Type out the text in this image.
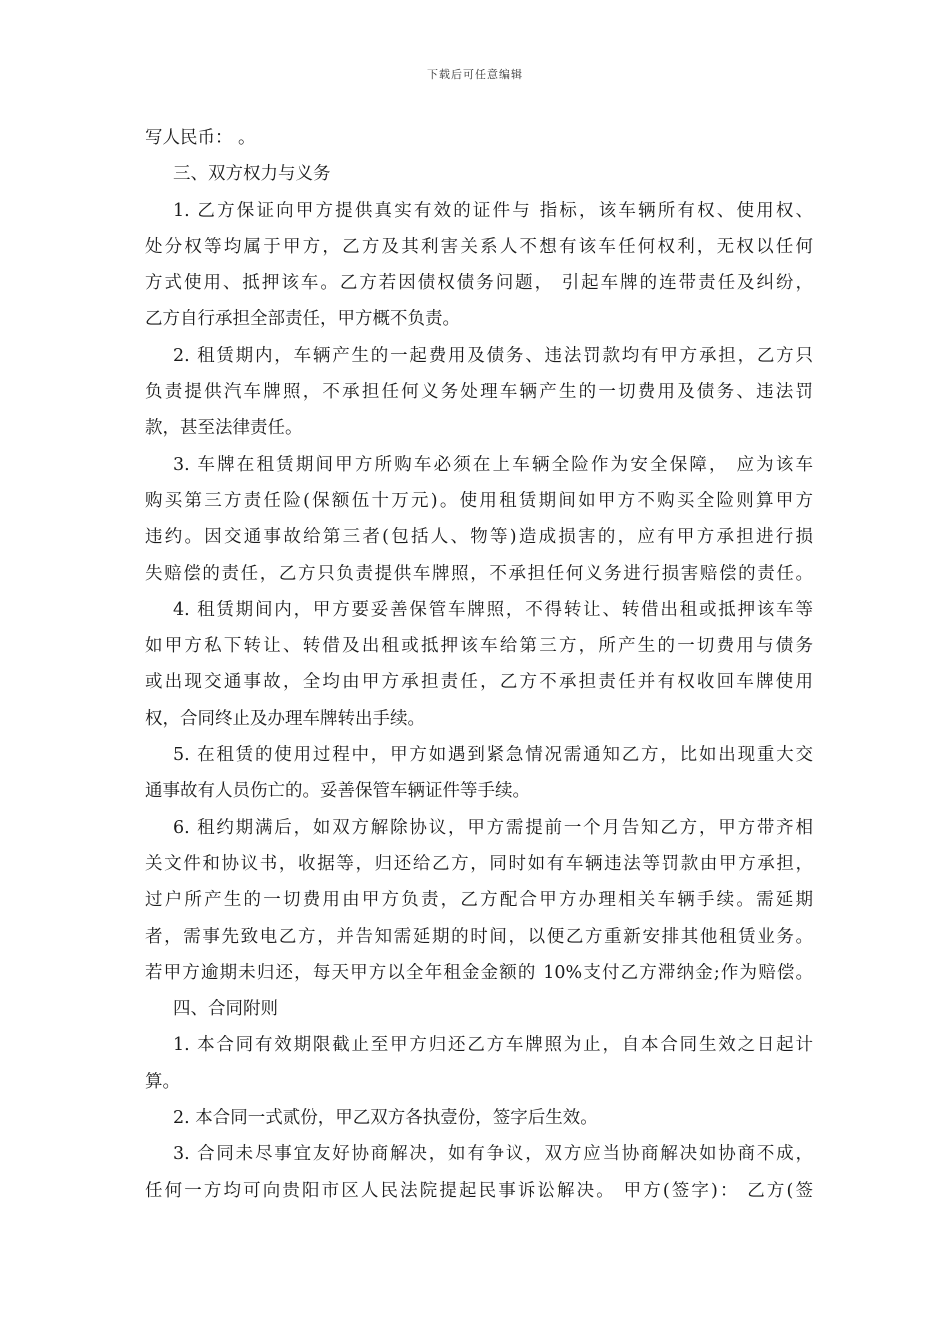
下载后可任意编辑
写人民币： 。
三、双方权力与义务
1. 乙方保证向甲方提供真实有效的证件与 指标，该车辆所有权、使用权、
处分权等均属于甲方，乙方及其利害关系人不想有该车任何权利，无权以任何
方式使用、抵押该车。乙方若因债权债务问题， 引起车牌的连带责任及纠纷，
乙方自行承担全部责任，甲方概不负责。
2. 租赁期内，车辆产生的一起费用及债务、违法罚款均有甲方承担，乙方只
负责提供汽车牌照，不承担任何义务处理车辆产生的一切费用及债务、违法罚
款，甚至法律责任。
3. 车牌在租赁期间甲方所购车必须在上车辆全险作为安全保障， 应为该车
购买第三方责任险(保额伍十万元)。使用租赁期间如甲方不购买全险则算甲方
违约。因交通事故给第三者(包括人、物等)造成损害的，应有甲方承担进行损
失赔偿的责任，乙方只负责提供车牌照，不承担任何义务进行损害赔偿的责任。
4. 租赁期间内，甲方要妥善保管车牌照，不得转让、转借出租或抵押该车等
如甲方私下转让、转借及出租或抵押该车给第三方，所产生的一切费用与债务
或出现交通事故，全均由甲方承担责任，乙方不承担责任并有权收回车牌使用
权，合同终止及办理车牌转出手续。
5. 在租赁的使用过程中，甲方如遇到紧急情况需通知乙方，比如出现重大交
通事故有人员伤亡的。妥善保管车辆证件等手续。
6. 租约期满后，如双方解除协议，甲方需提前一个月告知乙方，甲方带齐相
关文件和协议书，收据等，归还给乙方，同时如有车辆违法等罚款由甲方承担，
过户所产生的一切费用由甲方负责，乙方配合甲方办理相关车辆手续。需延期
者，需事先致电乙方，并告知需延期的时间，以便乙方重新安排其他租赁业务。
若甲方逾期未归还，每天甲方以全年租金金额的 10%支付乙方滞纳金;作为赔偿。
四、合同附则
1. 本合同有效期限截止至甲方归还乙方车牌照为止，自本合同生效之日起计
算。
2. 本合同一式贰份，甲乙双方各执壹份，签字后生效。
3. 合同未尽事宜友好协商解决，如有争议，双方应当协商解决如协商不成，
任何一方均可向贵阳市区人民法院提起民事诉讼解决。 甲方(签字)： 乙方(签
